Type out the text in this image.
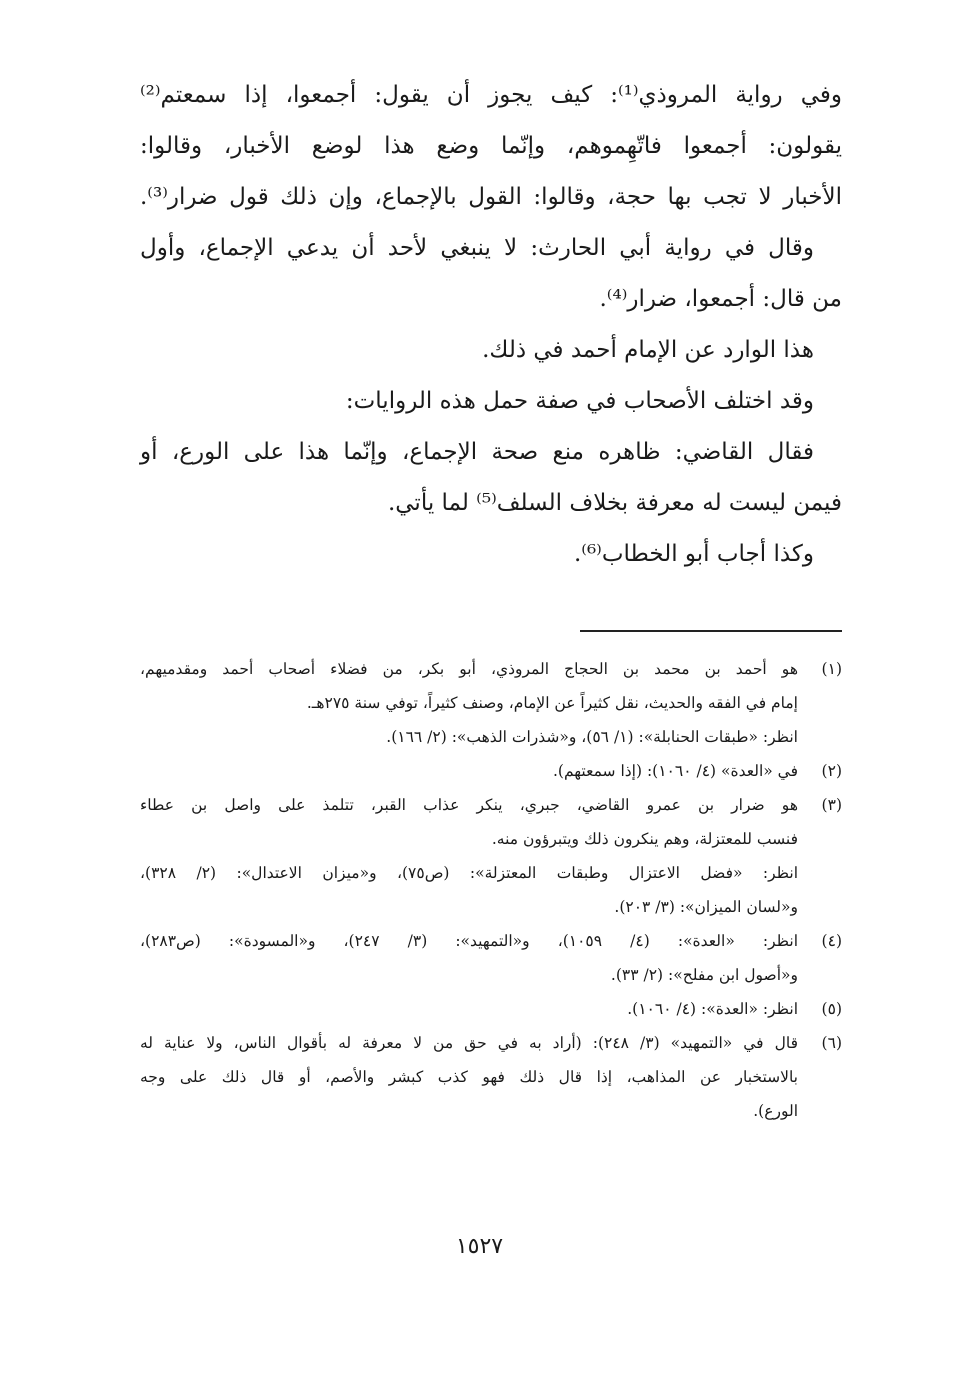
وفي رواية المروذي⁽¹⁾: كيف يجوز أن يقول: أجمعوا، إذا سمعتم⁽²⁾

يقولون: أجمعوا فاتّهِموهم، وإنّما وضع هذا لوضع الأخبار، وقالوا:

الأخبار لا تجب بها حجة، وقالوا: القول بالإجماع، وإن ذلك قول ضرار⁽³⁾.

وقال في رواية أبي الحارث: لا ينبغي لأحد أن يدعي الإجماع، وأول

من قال: أجمعوا، ضرار⁽⁴⁾.

هذا الوارد عن الإمام أحمد في ذلك.

وقد اختلف الأصحاب في صفة حمل هذه الروايات:

فقال القاضي: ظاهره منع صحة الإجماع، وإنّما هذا على الورع، أو

فيمن ليست له معرفة بخلاف السلف⁽⁵⁾ لما يأتي.

وكذا أجاب أبو الخطاب⁽⁶⁾.

(١)

هو أحمد بن محمد بن الحجاج المروذي، أبو بكر، من فضلاء أصحاب أحمد ومقدميهم،

إمام في الفقه والحديث، نقل كثيراً عن الإمام، وصنف كثيراً، توفي سنة ٢٧٥هـ.

انظر: «طبقات الحنابلة»: (١/ ٥٦)، و«شذرات الذهب»: (٢/ ١٦٦).

(٢)

في «العدة» (٤/ ١٠٦٠): (إذا سمعتهم).

(٣)

هو ضرار بن عمرو القاضي، جبري، ينكر عذاب القبر، تتلمذ على واصل بن عطاء

فنسب للمعتزلة، وهم ينكرون ذلك ويتبرؤون منه.

انظر: «فضل الاعتزال وطبقات المعتزلة»: (ص٧٥)، و«ميزان الاعتدال»: (٢/ ٣٢٨)،

و«لسان الميزان»: (٣/ ٢٠٣).

(٤)

انظر: «العدة»: (٤/ ١٠٥٩)، و«التمهيد»: (٣/ ٢٤٧)، و«المسودة»: (ص٢٨٣)،

و«أصول ابن مفلح»: (٢/ ٣٣).

(٥)

انظر: «العدة»: (٤/ ١٠٦٠).

(٦)

قال في «التمهيد» (٣/ ٢٤٨): (أراد به في حق من لا معرفة له بأقوال الناس، ولا عناية له

بالاستخبار عن المذاهب، إذا قال ذلك فهو كذب كبشر والأصم، أو قال ذلك على وجه

الورع).

١٥٢٧
